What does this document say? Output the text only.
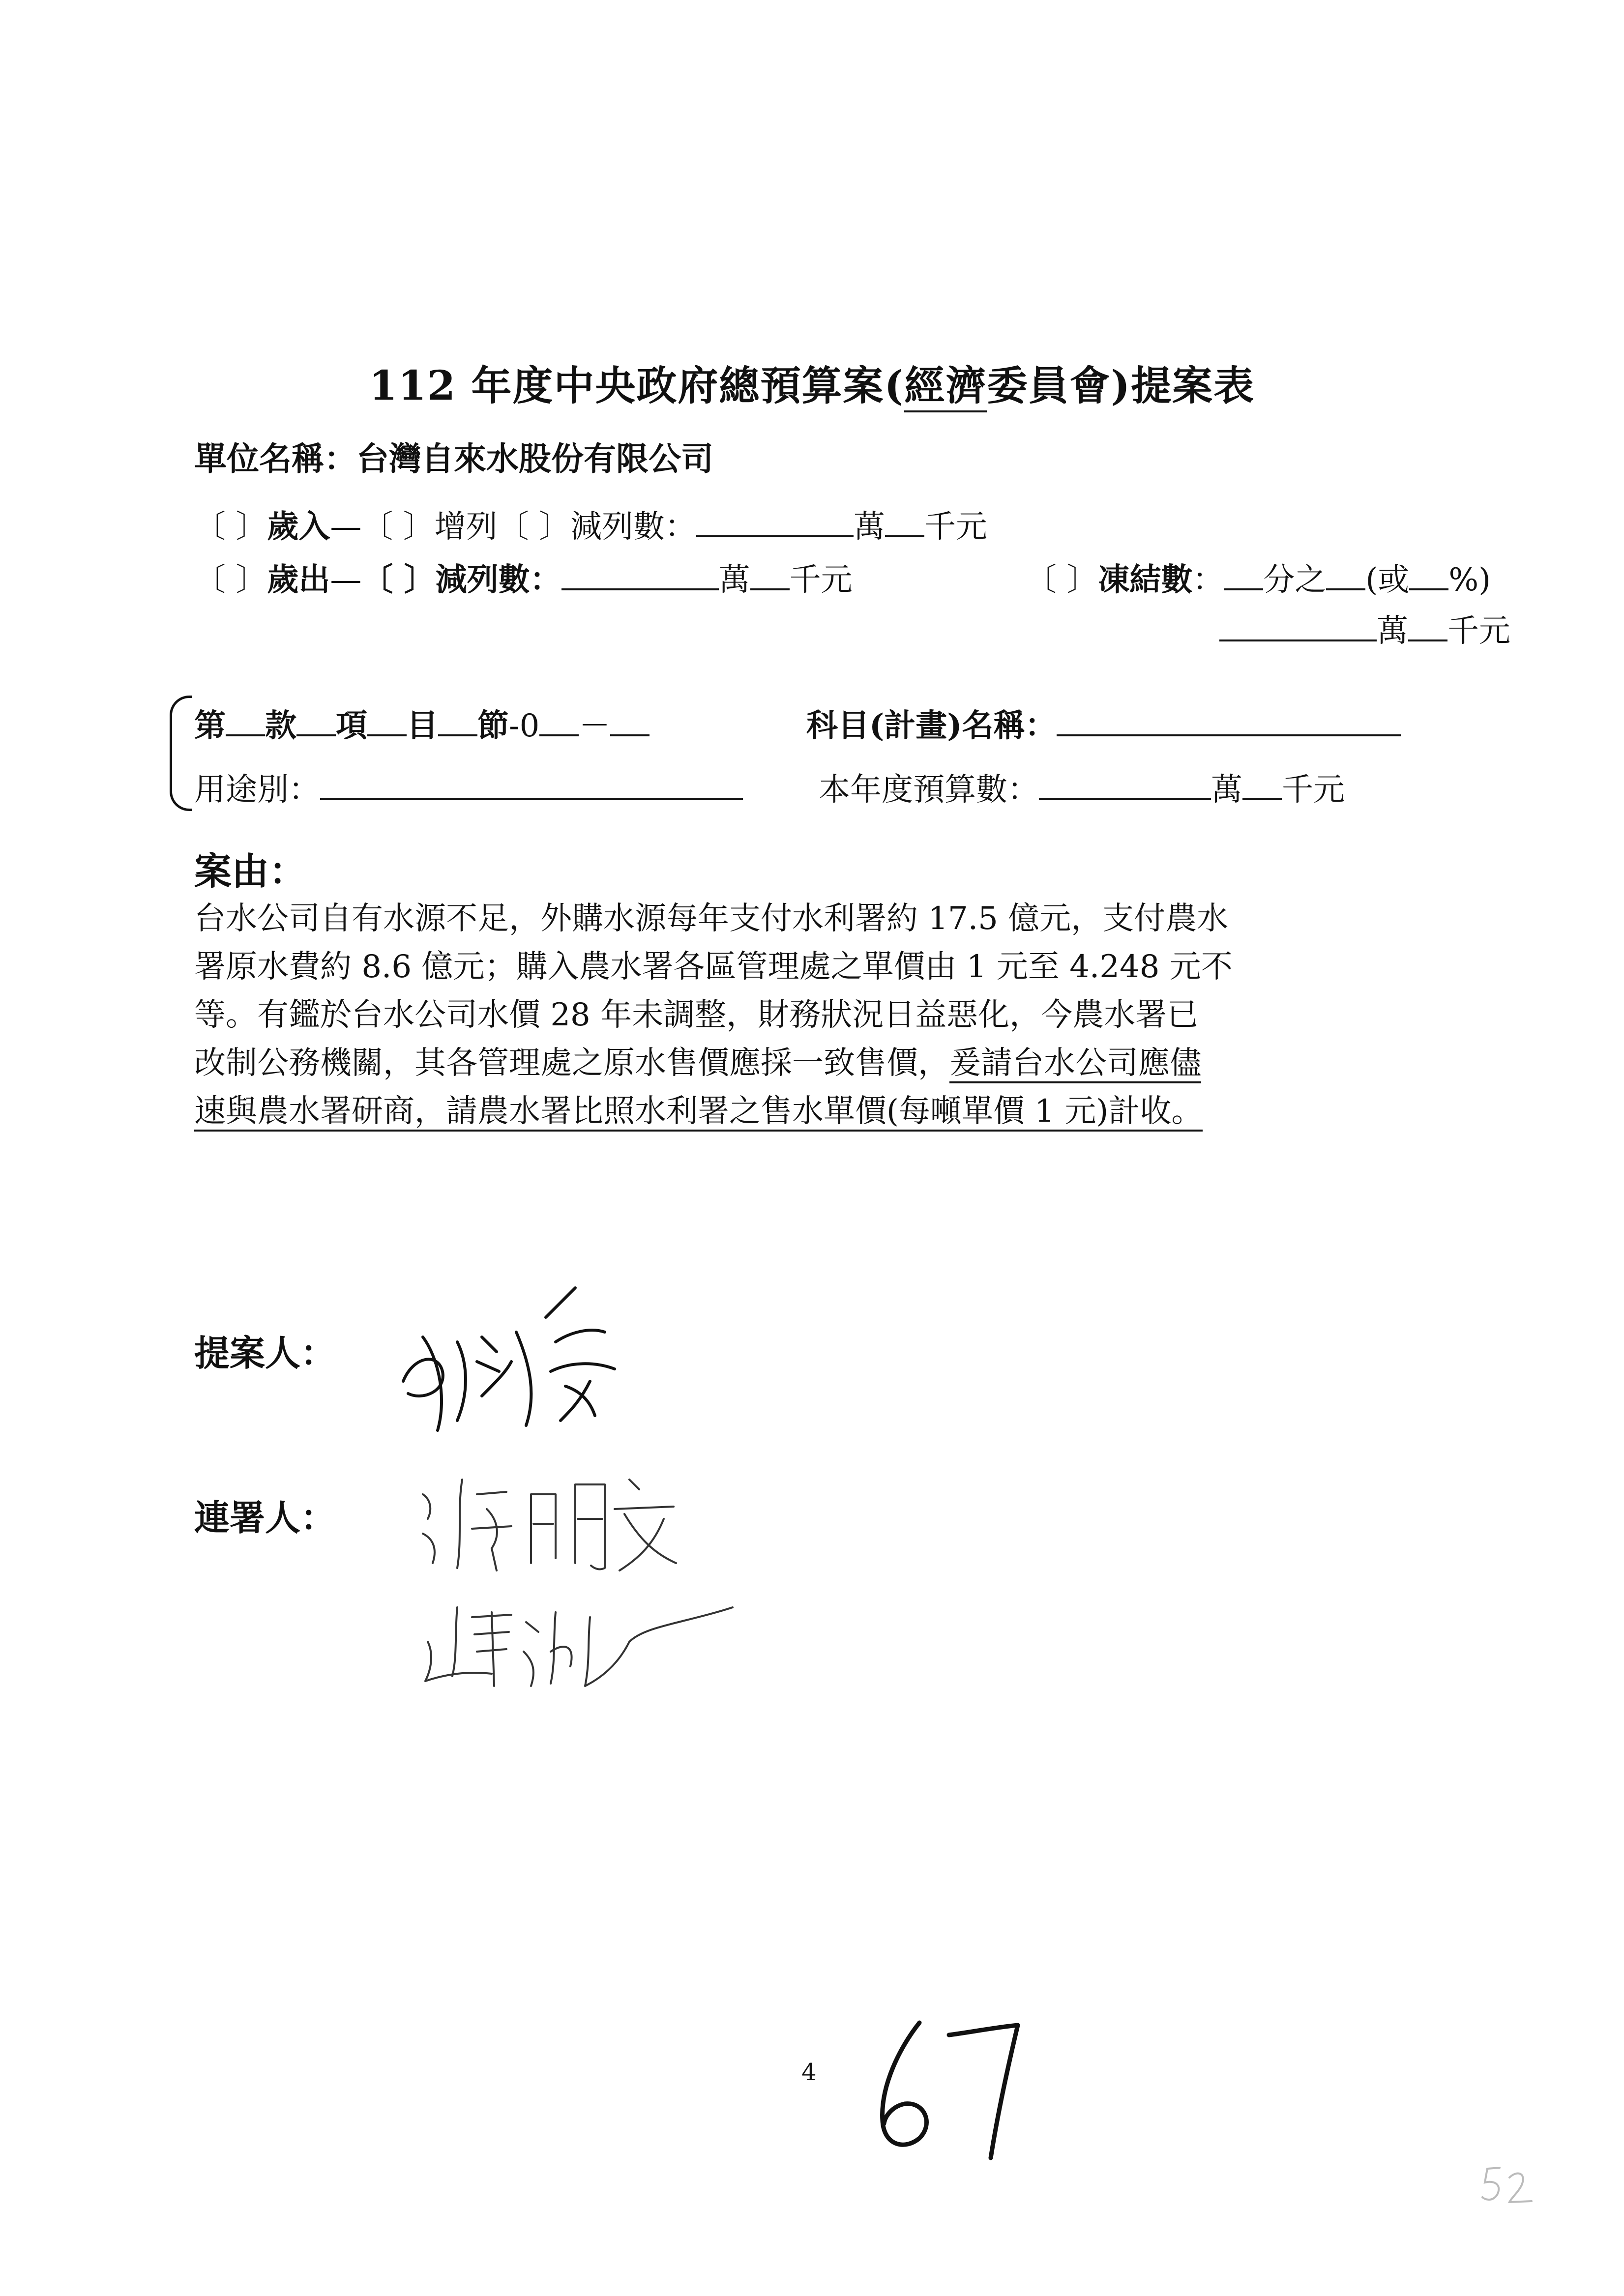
112 年度中央政府總預算案(經濟委員會)提案表
單位名稱：台灣自來水股份有限公司
〔 〕歲入—〔 〕增列〔 〕減列數：	萬 千元
〔 〕歲出—〔 〕減列數：	萬 千元	〔 〕凍結數： 分之 (或 %)
萬 千元
第 款 項 目 節-0 －	科目(計畫)名稱：
用途別：	本年度預算數：	萬 千元
案由：

台水公司自有水源不足，外購水源每年支付水利署約 17.5 億元，支付農水

署原水費約 8.6 億元；購入農水署各區管理處之單價由 1 元至 4.248 元不

等。有鑑於台水公司水價 28 年未調整，財務狀況日益惡化，今農水署已

改制公務機關，其各管理處之原水售價應採一致售價，爰請台水公司應儘

速與農水署研商，請農水署比照水利署之售水單價(每噸單價 1 元)計收。

提案人：
連署人：
4
